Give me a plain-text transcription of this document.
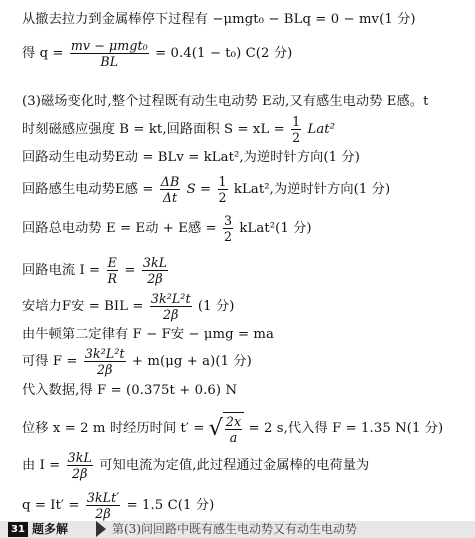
从撤去拉力到金属棒停下过程有 −μmgt₀ − BLq = 0 − mv(1 分)
得 $q = \frac{\text{mv − μmgt₀}}{BL} = 0.4(1 - t_0)$ C(2 分)
(3)磁场变化时,整个过程既有动生电动势 E动,又有感生电动势 E感。t
时刻磁感应强度 B = kt,回路面积 S = xL = $\frac{1}{2} Lat^2$
回路动生电动势E动 = BLv = kLat²,为逆时针方向(1 分)
回路感生电动势E感 = $\frac{\Delta B}{\Delta t}$ $S = \frac{1}{2}$ kLat²,为逆时针方向(1 分)
回路总电动势 E = E动 + E感 = $\frac{3}{2}$ kLat²(1 分)
回路电流 $I = \frac{E}{R} = \frac{3kL}{2\beta}$
安培力F安 = BIL = $\frac{\text{3k²L²t}}{2\beta} (1$ 分)
由牛顿第二定律有 F − F安 − μmg = ma
可得 $F = \frac{\text{3k²L²t}}{2\beta} + m(\mu g + a)(1$ 分)
代入数据,得 F = (0.375t + 0.6) N
位移 x = 2 m 时经历时间 t′ = √ $\frac{2x}{a} = 2$ s,代入得 F = 1.35 N(1 分)
由 $I = \frac{3kL}{2\beta}$ 可知电流为定值,此过程通过金属棒的电荷量为
$q = It' = \frac{\text{3kLt′}}{2\beta} = 1.5$ C(1 分)
31 题多解	第(3)问回路中既有感生电动势又有动生电动势
